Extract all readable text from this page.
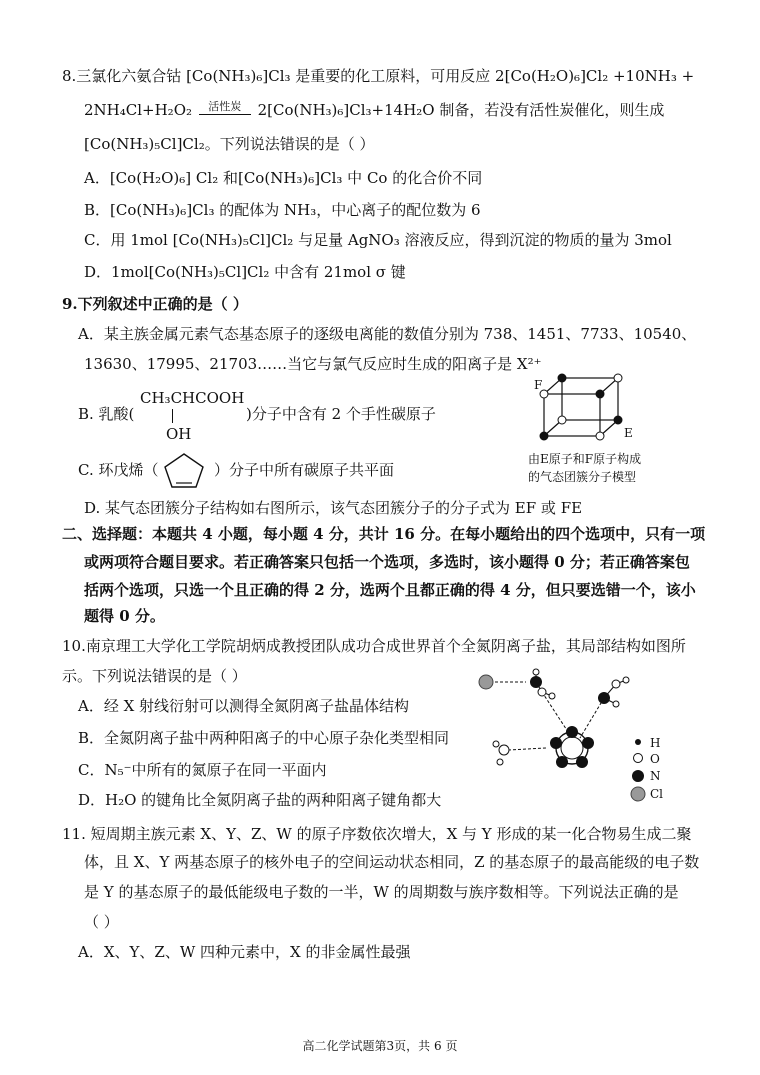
8.三氯化六氨合钴 [Co(NH₃)₆]Cl₃ 是重要的化工原料，可用反应 2[Co(H₂O)₆]Cl₂ +10NH₃ +
2NH₄Cl+H₂O₂	活性炭	2[Co(NH₃)₆]Cl₃+14H₂O 制备，若没有活性炭催化，则生成
[Co(NH₃)₅Cl]Cl₂。下列说法错误的是（ ）
A．[Co(H₂O)₆] Cl₂ 和[Co(NH₃)₆]Cl₃ 中 Co 的化合价不同
B．[Co(NH₃)₆]Cl₃ 的配体为 NH₃，中心离子的配位数为 6
C．用 1mol [Co(NH₃)₅Cl]Cl₂ 与足量 AgNO₃ 溶液反应，得到沉淀的物质的量为 3mol
D．1mol[Co(NH₃)₅Cl]Cl₂ 中含有 21mol σ 键
9.下列叙述中正确的是（ ）
A．某主族金属元素气态基态原子的逐级电离能的数值分别为 738、1451、7733、10540、
13630、17995、21703……当它与氯气反应时生成的阳离子是 X²⁺
B. 乳酸(
CH₃CHCOOH
OH
)分子中含有 2 个手性碳原子
C. 环戊烯（	）分子中所有碳原子共平面
D. 某气态团簇分子结构如右图所示，该气态团簇分子的分子式为 EF 或 FE
F
E
由E原子和F原子构成
的气态团簇分子模型
二、选择题：本题共 4 小题，每小题 4 分，共计 16 分。在每小题给出的四个选项中，只有一项
或两项符合题目要求。若正确答案只包括一个选项，多选时，该小题得 0 分；若正确答案包
括两个选项，只选一个且正确的得 2 分，选两个且都正确的得 4 分，但只要选错一个，该小
题得 0 分。
10.南京理工大学化工学院胡炳成教授团队成功合成世界首个全氮阴离子盐，其局部结构如图所
示。下列说法错误的是（ ）
A．经 X 射线衍射可以测得全氮阴离子盐晶体结构
B．全氮阴离子盐中两种阳离子的中心原子杂化类型相同
C．N₅⁻中所有的氮原子在同一平面内
D．H₂O 的键角比全氮阴离子盐的两种阳离子键角都大
H
O
N
Cl
11. 短周期主族元素 X、Y、Z、W 的原子序数依次增大，X 与 Y 形成的某一化合物易生成二聚
体，且 X、Y 两基态原子的核外电子的空间运动状态相同，Z 的基态原子的最高能级的电子数
是 Y 的基态原子的最低能级电子数的一半，W 的周期数与族序数相等。下列说法正确的是
（ ）
A．X、Y、Z、W 四种元素中，X 的非金属性最强
高二化学试题第3页，共 6 页
